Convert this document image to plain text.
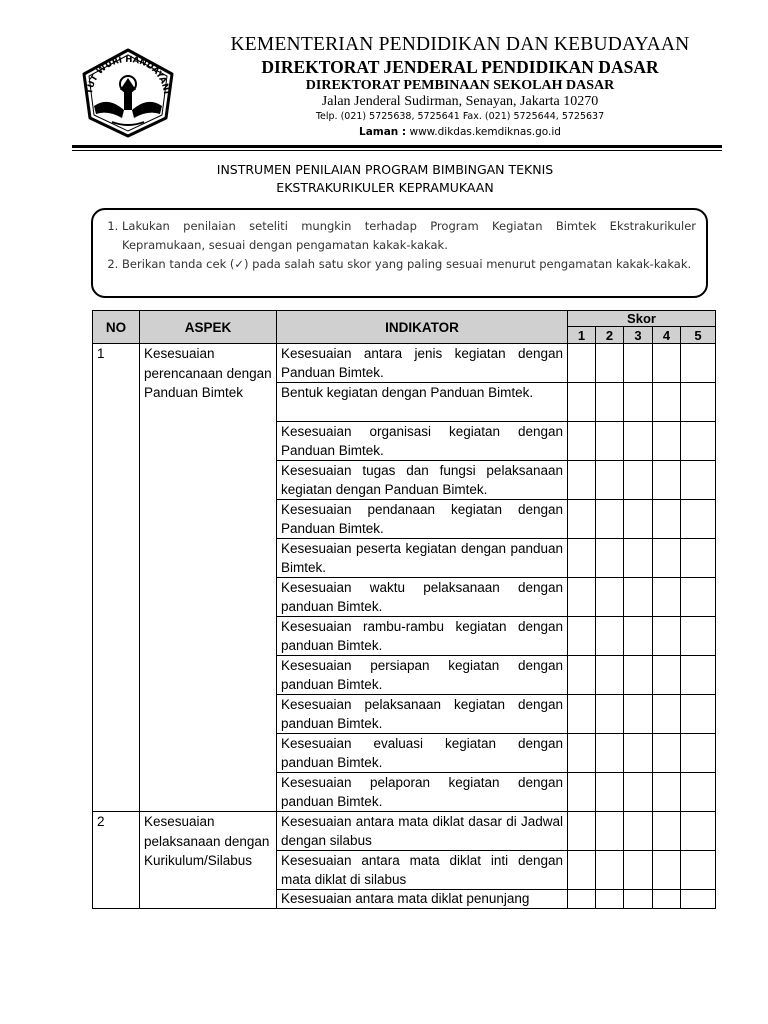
TUT WURI HANDAYANI
KEMENTERIAN PENDIDIKAN DAN KEBUDAYAAN
DIREKTORAT JENDERAL PENDIDIKAN DASAR
DIREKTORAT PEMBINAAN SEKOLAH DASAR
Jalan Jenderal Sudirman, Senayan, Jakarta 10270
Telp. (021) 5725638, 5725641 Fax. (021) 5725644, 5725637
Laman : www.dikdas.kemdiknas.go.id
INSTRUMEN PENILAIAN PROGRAM BIMBINGAN TEKNIS
EKSTRAKURIKULER KEPRAMUKAAN
1. Lakukan penilaian seteliti mungkin terhadap Program Kegiatan Bimtek Ekstrakurikuler Kepramukaan, sesuai dengan pengamatan kakak-kakak.
2. Berikan tanda cek (✓) pada salah satu skor yang paling sesuai menurut pengamatan kakak-kakak.
NO	ASPEK	INDIKATOR	Skor				
			1	2	3	4	5
1	Kesesuaian perencanaan dengan Panduan Bimtek	Kesesuaian antara jenis kegiatan dengan Panduan Bimtek.					
		Bentuk kegiatan dengan Panduan Bimtek.					
		Kesesuaian organisasi kegiatan dengan Panduan Bimtek.					
		Kesesuaian tugas dan fungsi pelaksanaan kegiatan dengan Panduan Bimtek.					
		Kesesuaian pendanaan kegiatan dengan Panduan Bimtek.					
		Kesesuaian peserta kegiatan dengan panduan Bimtek.					
		Kesesuaian waktu pelaksanaan dengan panduan Bimtek.					
		Kesesuaian rambu-rambu kegiatan dengan panduan Bimtek.					
		Kesesuaian persiapan kegiatan dengan panduan Bimtek.					
		Kesesuaian pelaksanaan kegiatan dengan panduan Bimtek.					
		Kesesuaian evaluasi kegiatan dengan panduan Bimtek.					
		Kesesuaian pelaporan kegiatan dengan panduan Bimtek.					
2	Kesesuaian pelaksanaan dengan Kurikulum/Silabus	Kesesuaian antara mata diklat dasar di Jadwal dengan silabus					
		Kesesuaian antara mata diklat inti dengan mata diklat di silabus					
		Kesesuaian antara mata diklat penunjang					
